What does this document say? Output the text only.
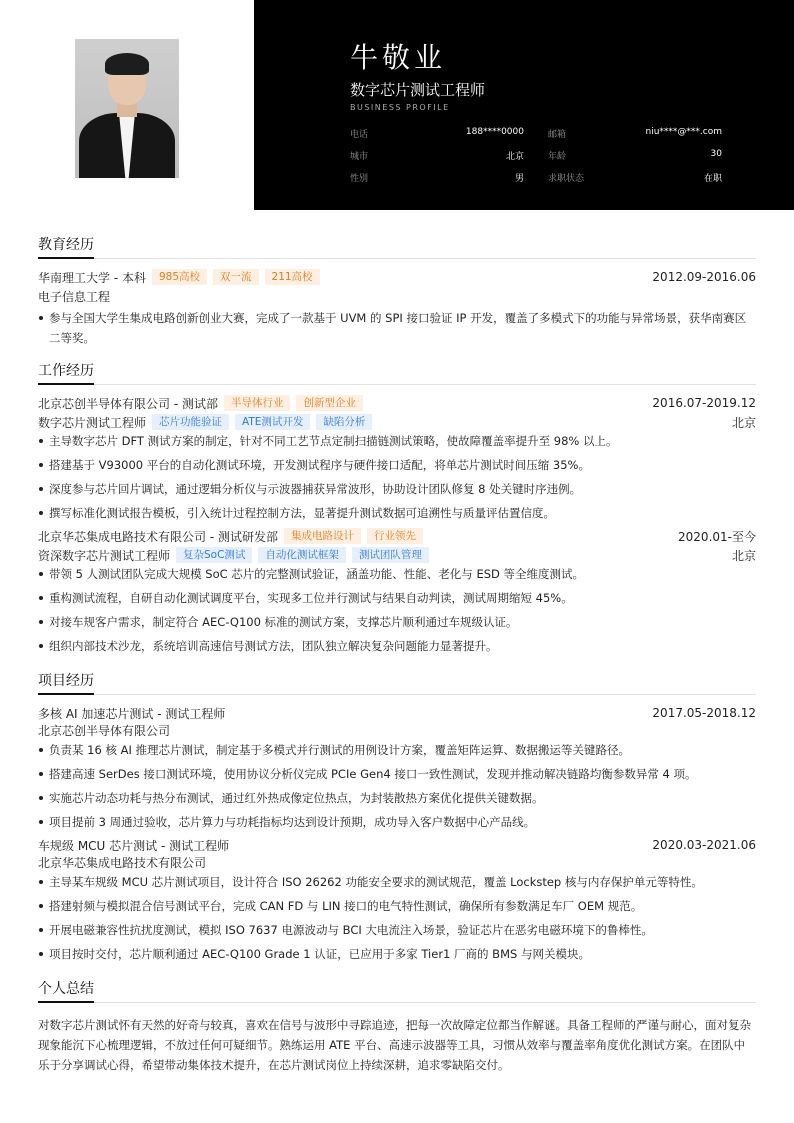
牛敬业
数字芯片测试工程师
BUSINESS PROFILE
电话	188****0000	邮箱	niu****@***.com
城市	北京	年龄	30
性别	男	求职状态	在职
教育经历
华南理工大学 - 本科	985高校	双一流	211高校	2012.09-2016.06
电子信息工程
参与全国大学生集成电路创新创业大赛，完成了一款基于 UVM 的 SPI 接口验证 IP 开发，覆盖了多模式下的功能与异常场景，获华南赛区二等奖。
工作经历
北京芯创半导体有限公司 - 测试部	半导体行业	创新型企业	2016.07-2019.12
数字芯片测试工程师	芯片功能验证	ATE测试开发	缺陷分析	北京
主导数字芯片 DFT 测试方案的制定，针对不同工艺节点定制扫描链测试策略，使故障覆盖率提升至 98% 以上。
搭建基于 V93000 平台的自动化测试环境，开发测试程序与硬件接口适配，将单芯片测试时间压缩 35%。
深度参与芯片回片调试，通过逻辑分析仪与示波器捕获异常波形，协助设计团队修复 8 处关键时序违例。
撰写标准化测试报告模板，引入统计过程控制方法，显著提升测试数据可追溯性与质量评估置信度。
北京华芯集成电路技术有限公司 - 测试研发部	集成电路设计	行业领先	2020.01-至今
资深数字芯片测试工程师	复杂SoC测试	自动化测试框架	测试团队管理	北京
带领 5 人测试团队完成大规模 SoC 芯片的完整测试验证，涵盖功能、性能、老化与 ESD 等全维度测试。
重构测试流程，自研自动化测试调度平台，实现多工位并行测试与结果自动判读，测试周期缩短 45%。
对接车规客户需求，制定符合 AEC-Q100 标准的测试方案，支撑芯片顺利通过车规级认证。
组织内部技术沙龙，系统培训高速信号测试方法，团队独立解决复杂问题能力显著提升。
项目经历
多核 AI 加速芯片测试 - 测试工程师	2017.05-2018.12
北京芯创半导体有限公司
负责某 16 核 AI 推理芯片测试，制定基于多模式并行测试的用例设计方案，覆盖矩阵运算、数据搬运等关键路径。
搭建高速 SerDes 接口测试环境，使用协议分析仪完成 PCIe Gen4 接口一致性测试，发现并推动解决链路均衡参数异常 4 项。
实施芯片动态功耗与热分布测试，通过红外热成像定位热点，为封装散热方案优化提供关键数据。
项目提前 3 周通过验收，芯片算力与功耗指标均达到设计预期，成功导入客户数据中心产品线。
车规级 MCU 芯片测试 - 测试工程师	2020.03-2021.06
北京华芯集成电路技术有限公司
主导某车规级 MCU 芯片测试项目，设计符合 ISO 26262 功能安全要求的测试规范，覆盖 Lockstep 核与内存保护单元等特性。
搭建射频与模拟混合信号测试平台，完成 CAN FD 与 LIN 接口的电气特性测试，确保所有参数满足车厂 OEM 规范。
开展电磁兼容性抗扰度测试，模拟 ISO 7637 电源波动与 BCI 大电流注入场景，验证芯片在恶劣电磁环境下的鲁棒性。
项目按时交付，芯片顺利通过 AEC-Q100 Grade 1 认证，已应用于多家 Tier1 厂商的 BMS 与网关模块。
个人总结
对数字芯片测试怀有天然的好奇与较真，喜欢在信号与波形中寻踪追迹，把每一次故障定位都当作解谜。具备工程师的严谨与耐心，面对复杂现象能沉下心梳理逻辑，不放过任何可疑细节。熟练运用 ATE 平台、高速示波器等工具，习惯从效率与覆盖率角度优化测试方案。在团队中乐于分享调试心得，希望带动集体技术提升，在芯片测试岗位上持续深耕，追求零缺陷交付。
